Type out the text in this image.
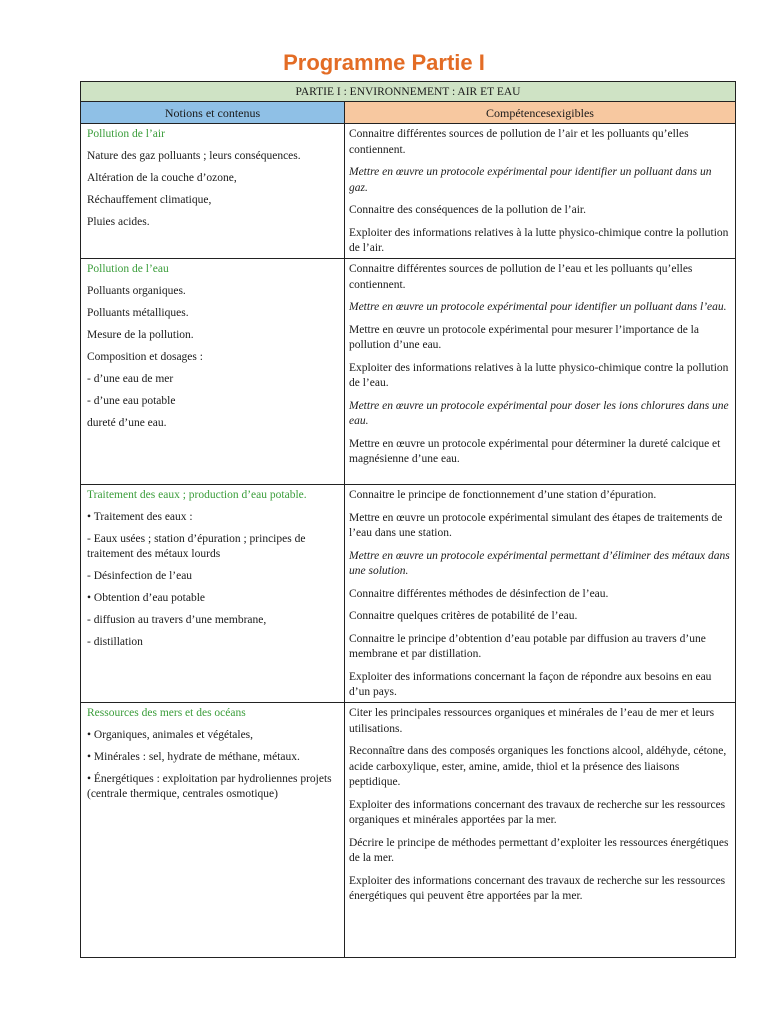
Programme Partie I
PARTIE I : ENVIRONNEMENT : AIR ET EAU
Notions et contenus	Compétencesexigibles

Pollution de l’air

Nature des gaz polluants ; leurs conséquences.

Altération de la couche d’ozone,

Réchauffement climatique,

Pluies acides.

Connaitre différentes sources de pollution de l’air et les polluants qu’elles contiennent.

Mettre en œuvre un protocole expérimental pour identifier un polluant dans un gaz.

Connaitre des conséquences de la pollution de l’air.

Exploiter des informations relatives à la lutte physico-chimique contre la pollution de l’air.

Pollution de l’eau

Polluants organiques.

Polluants métalliques.

Mesure de la pollution.

Composition et dosages :

- d’une eau de mer

- d’une eau potable

dureté d’une eau.

Connaitre différentes sources de pollution de l’eau et les polluants qu’elles contiennent.

Mettre en œuvre un protocole expérimental pour identifier un polluant dans l’eau.

Mettre en œuvre un protocole expérimental pour mesurer l’importance de la pollution d’une eau.

Exploiter des informations relatives à la lutte physico-chimique contre la pollution de l’eau.

Mettre en œuvre un protocole expérimental pour doser les ions chlorures dans une eau.

Mettre en œuvre un protocole expérimental pour déterminer la dureté calcique et magnésienne d’une eau.

Traitement des eaux ; production d’eau potable.

• Traitement des eaux :

- Eaux usées ; station d’épuration ; principes de traitement des métaux lourds

- Désinfection de l’eau

• Obtention d’eau potable

- diffusion au travers d’une membrane,

- distillation

Connaitre le principe de fonctionnement d’une station d’épuration.

Mettre en œuvre un protocole expérimental simulant des étapes de traitements de l’eau dans une station.

Mettre en œuvre un protocole expérimental permettant d’éliminer des métaux dans une solution.

Connaitre différentes méthodes de désinfection de l’eau.

Connaitre quelques critères de potabilité de l’eau.

Connaitre le principe d’obtention d’eau potable par diffusion au travers d’une membrane et par distillation.

Exploiter des informations concernant la façon de répondre aux besoins en eau d’un pays.

Ressources des mers et des océans

• Organiques, animales et végétales,

• Minérales : sel, hydrate de méthane, métaux.

• Énergétiques : exploitation par hydroliennes projets (centrale thermique, centrales osmotique)

Citer les principales ressources organiques et minérales de l’eau de mer et leurs utilisations.

Reconnaître dans des composés organiques les fonctions alcool, aldéhyde, cétone, acide carboxylique, ester, amine, amide, thiol et la présence des liaisons peptidique.

Exploiter des informations concernant des travaux de recherche sur les ressources organiques et minérales apportées par la mer.

Décrire le principe de méthodes permettant d’exploiter les ressources énergétiques de la mer.

Exploiter des informations concernant des travaux de recherche sur les ressources énergétiques qui peuvent être apportées par la mer.
